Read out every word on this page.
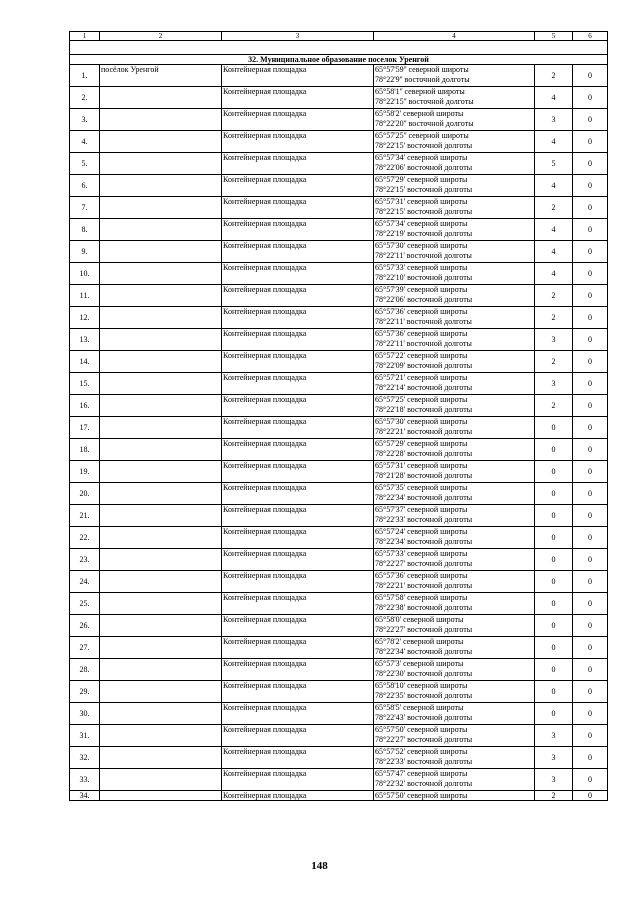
1	2	3	4	5	6

32. Муниципальное образование поселок Уренгой					
1.	посёлок Уренгой	Контейнерная площадка	65°57'59'' северной широты
78°22'9'' восточной долготы	2	0
2.		Контейнерная площадка	65°58'1'' северной широты
78°22'15'' восточной долготы	4	0
3.		Контейнерная площадка	65°58'2' северной широты
78°22'20'' восточной долготы	3	0
4.		Контейнерная площадка	65°57'25'' северной широты
78°22'15' восточной долготы	4	0
5.		Контейнерная площадка	65°57'34' северной широты
78°22'06' восточной долготы	5	0
6.		Контейнерная площадка	65°57'29' северной широты
78°22'15' восточной долготы	4	0
7.		Контейнерная площадка	65°57'31' северной широты
78°22'15' восточной долготы	2	0
8.		Контейнерная площадка	65°57'34' северной широты
78°22'19' восточной долготы	4	0
9.		Контейнерная площадка	65°57'30' северной широты
78°22'11' восточной долготы	4	0
10.		Контейнерная площадка	65°57'33' северной широты
78°22'10' восточной долготы	4	0
11.		Контейнерная площадка	65°57'39' северной широты
78°22'06' восточной долготы	2	0
12.		Контейнерная площадка	65°57'36' северной широты
78°22'11' восточной долготы	2	0
13.		Контейнерная площадка	65°57'36' северной широты
78°22'11' восточной долготы	3	0
14.		Контейнерная площадка	65°57'22' северной широты
78°22'09' восточной долготы	2	0
15.		Контейнерная площадка	65°57'21' северной широты
78°22'14' восточной долготы	3	0
16.		Контейнерная площадка	65°57'25' северной широты
78°22'18' восточной долготы	2	0
17.		Контейнерная площадка	65°57'30' северной широты
78°22'21' восточной долготы	0	0
18.		Контейнерная площадка	65°57'29' северной широты
78°22'28' восточной долготы	0	0
19.		Контейнерная площадка	65°57'31' северной широты
78°21'28' восточной долготы	0	0
20.		Контейнерная площадка	65°57'35' северной широты
78°22'34' восточной долготы	0	0
21.		Контейнерная площадка	65°57'37' северной широты
78°22'33' восточной долготы	0	0
22.		Контейнерная площадка	65°57'24' северной широты
78°22'34' восточной долготы	0	0
23.		Контейнерная площадка	65°57'33' северной широты
78°22'27' восточной долготы	0	0
24.		Контейнерная площадка	65°57'36' северной широты
78°22'21' восточной долготы	0	0
25.		Контейнерная площадка	65°57'58' северной широты
78°22'38' восточной долготы	0	0
26.		Контейнерная площадка	65°58'0' северной широты
78°22'27' восточной долготы	0	0
27.		Контейнерная площадка	65°78'2' северной широты
78°22'34' восточной долготы	0	0
28.		Контейнерная площадка	65°57'3' северной широты
78°22'30' восточной долготы	0	0
29.		Контейнерная площадка	65°58'10' северной широты
78°22'35' восточной долготы	0	0
30.		Контейнерная площадка	65°58'5' северной широты
78°22'43' восточной долготы	0	0
31.		Контейнерная площадка	65°57'50' северной широты
78°22'27' восточной долготы	3	0
32.		Контейнерная площадка	65°57'52' северной широты
78°22'33' восточной долготы	3	0
33.		Контейнерная площадка	65°57'47' северной широты
78°22'32' восточной долготы	3	0
34.		Контейнерная площадка	65°57'50' северной широты	2	0
148
